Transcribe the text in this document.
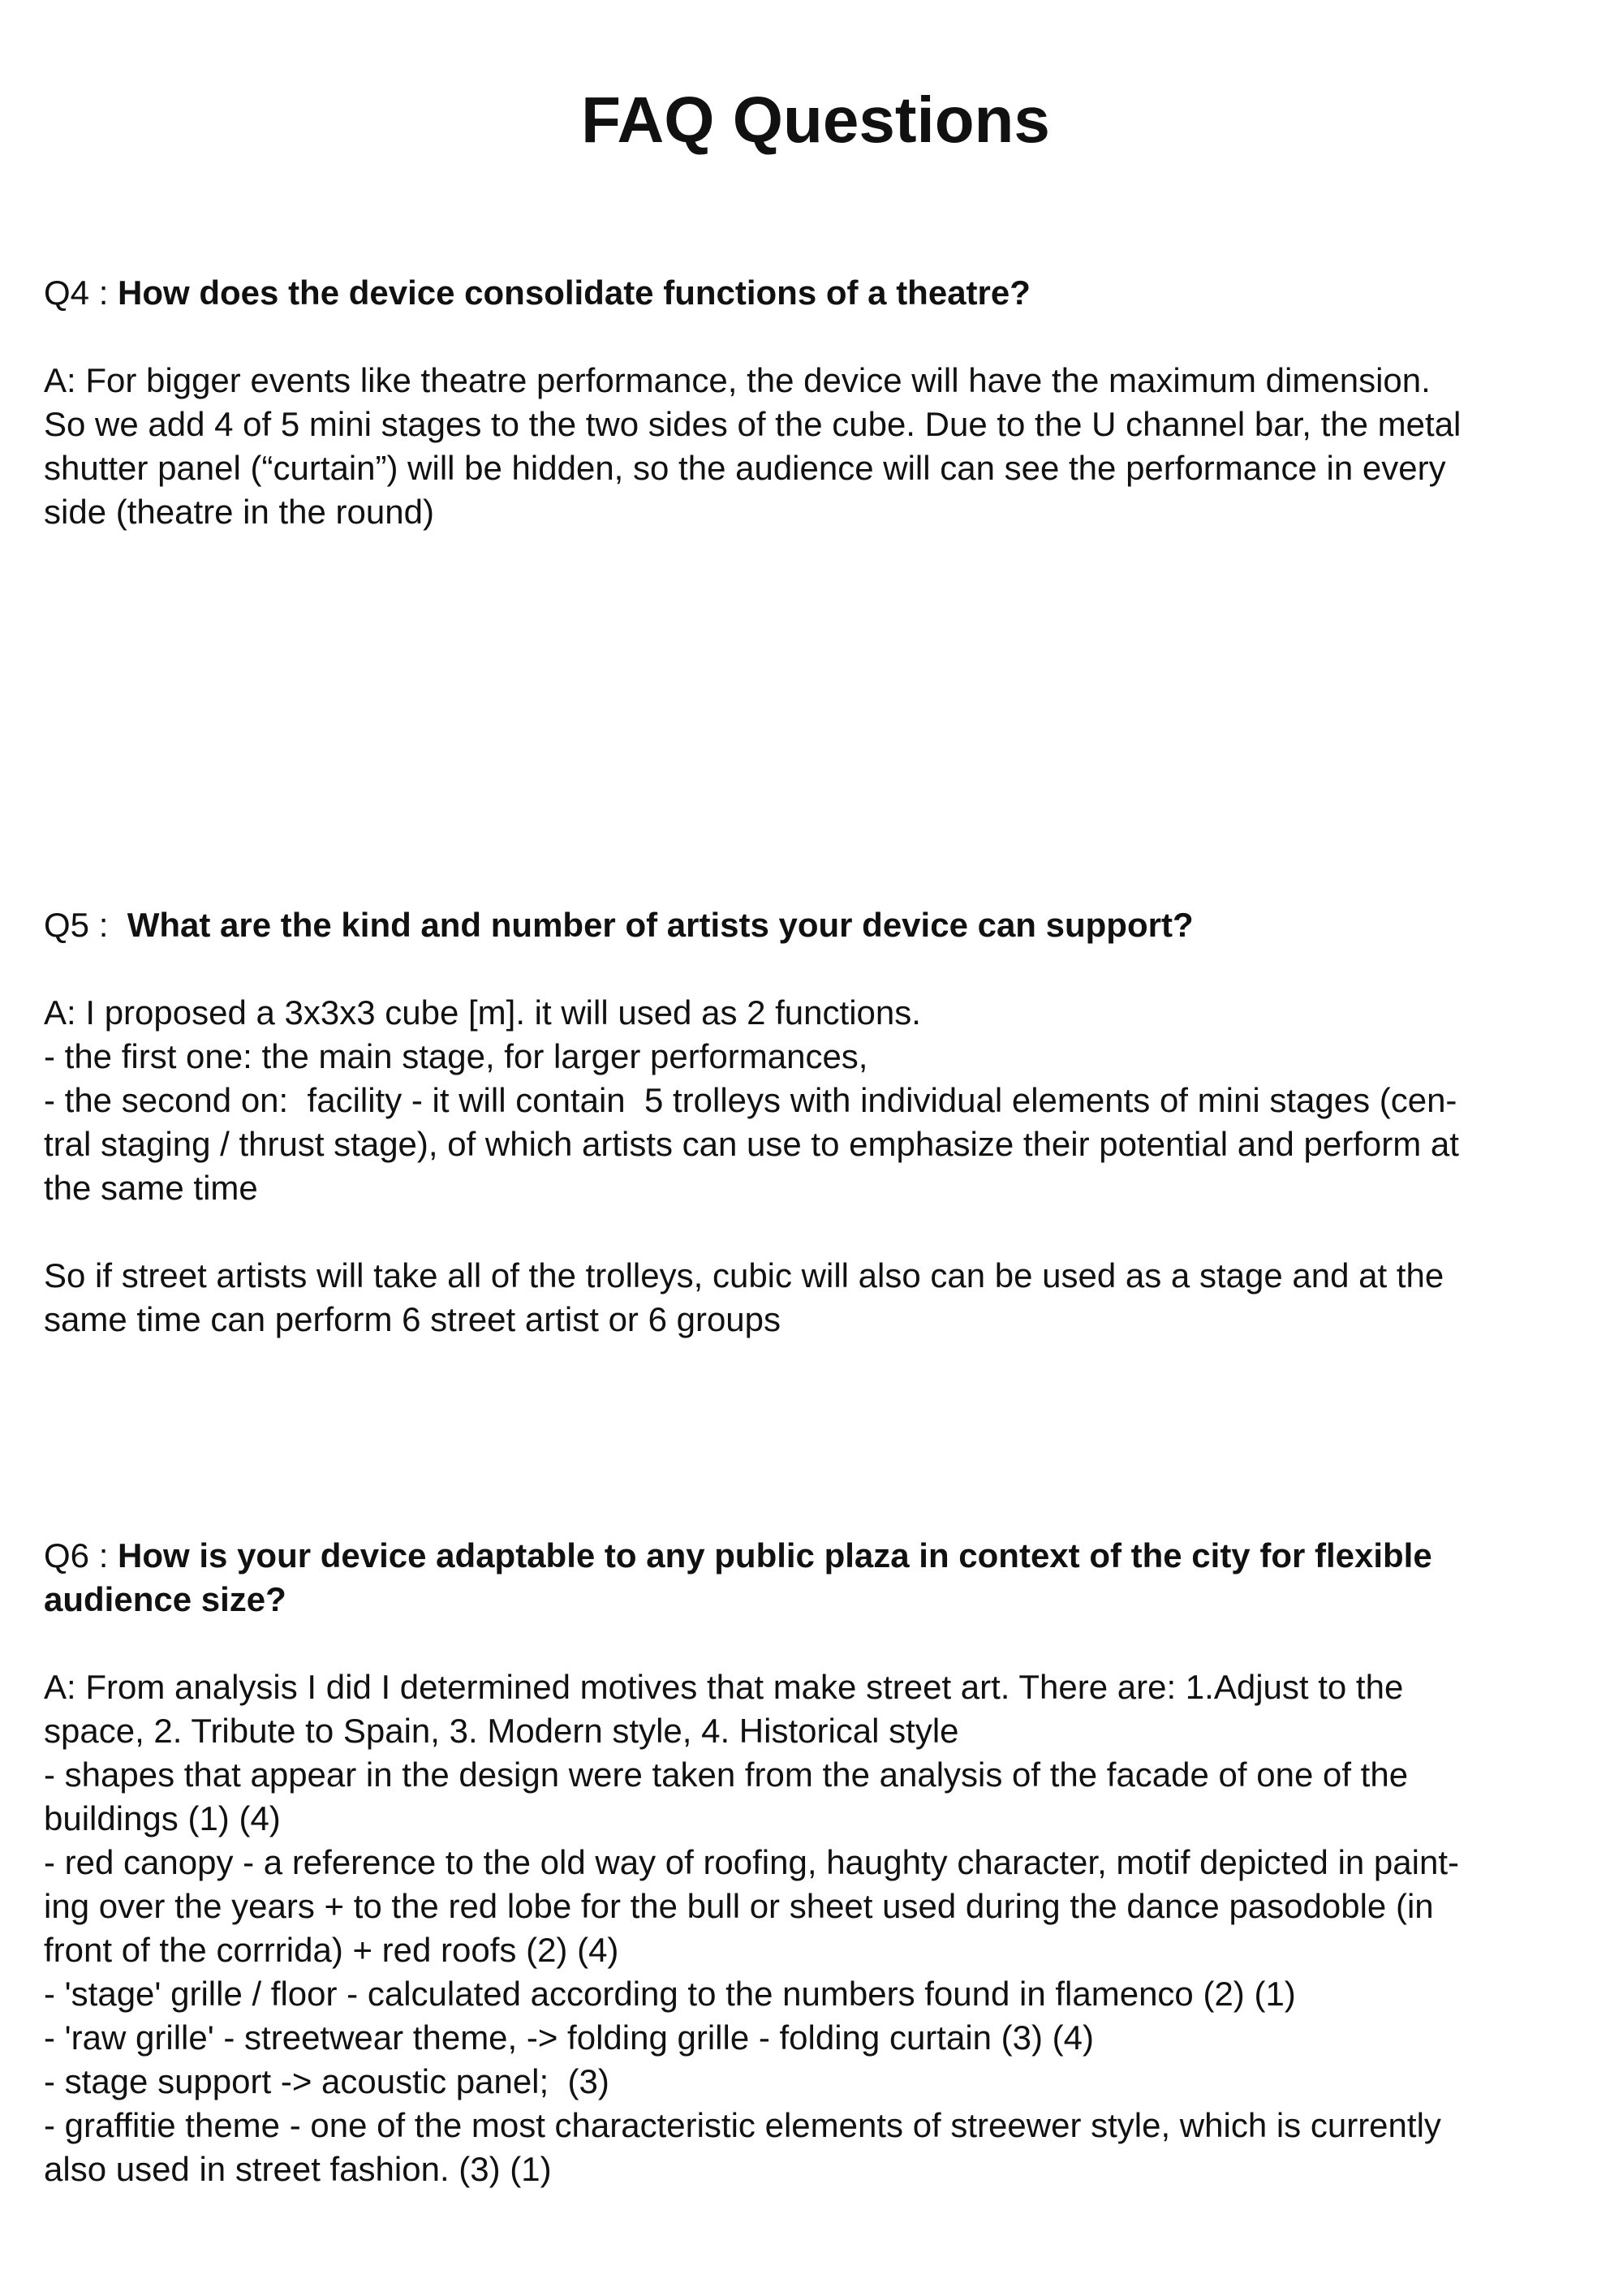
FAQ Questions

Q4 : How does the device consolidate functions of a theatre?

A: For bigger events like theatre performance, the device will have the maximum dimension.

So we add 4 of 5 mini stages to the two sides of the cube. Due to the U channel bar, the metal

shutter panel (“curtain”) will be hidden, so the audience will can see the performance in every

side (theatre in the round)

Q5 :  What are the kind and number of artists your device can support?

A: I proposed a 3x3x3 cube [m]. it will used as 2 functions.

- the first one: the main stage, for larger performances,

- the second on:  facility - it will contain  5 trolleys with individual elements of mini stages (cen-

tral staging / thrust stage), of which artists can use to emphasize their potential and perform at

the same time

So if street artists will take all of the trolleys, cubic will also can be used as a stage and at the

same time can perform 6 street artist or 6 groups

Q6 : How is your device adaptable to any public plaza in context of the city for flexible

audience size?

A: From analysis I did I determined motives that make street art. There are: 1.Adjust to the

space, 2. Tribute to Spain, 3. Modern style, 4. Historical style

- shapes that appear in the design were taken from the analysis of the facade of one of the

buildings (1) (4)

- red canopy - a reference to the old way of roofing, haughty character, motif depicted in paint-

ing over the years + to the red lobe for the bull or sheet used during the dance pasodoble (in

front of the corrrida) + red roofs (2) (4)

- 'stage' grille / floor - calculated according to the numbers found in flamenco (2) (1)

- 'raw grille' - streetwear theme, -> folding grille - folding curtain (3) (4)

- stage support -> acoustic panel;  (3)

- graffitie theme - one of the most characteristic elements of streewer style, which is currently

also used in street fashion. (3) (1)
